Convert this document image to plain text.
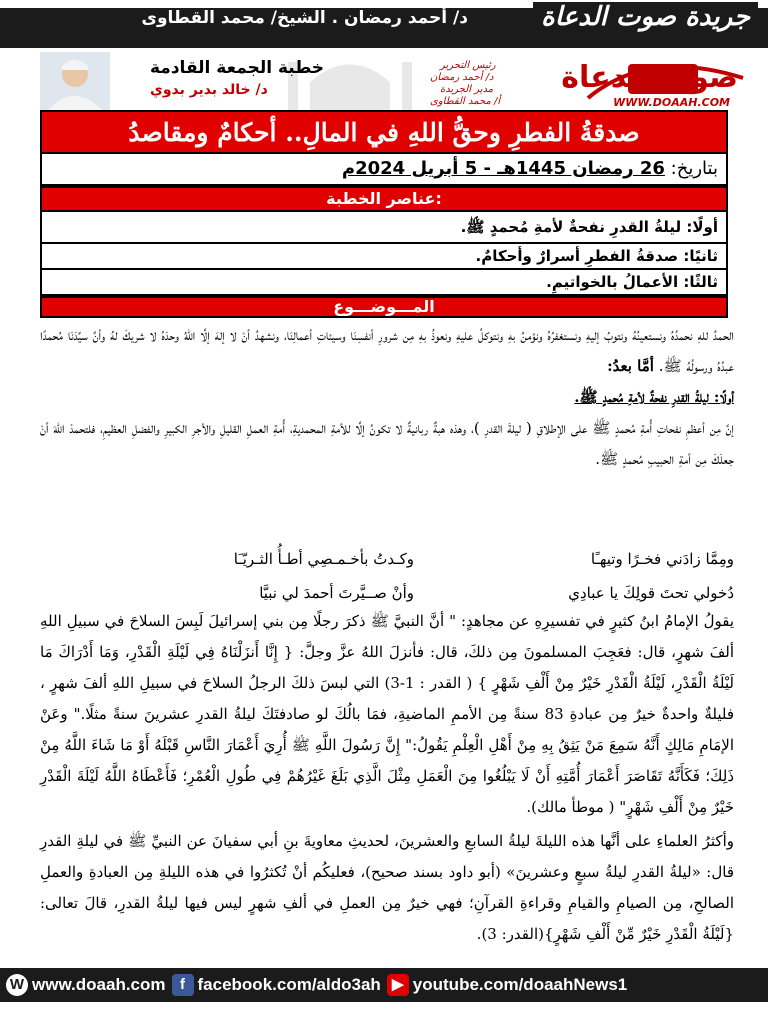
د/ أحمد رمضان . الشيخ/ محمد القطاوى	جريدة صوت الدعاة
صوت الدعاة
WWW.DOAAH.COM
رئيس التحرير
د/ أحمد رمضان
مدير الجريدة
أ/ محمد القطاوى
خطبة الجمعة القادمة
د/ خالد بدير بدوي
صدقةُ الفطرِ وحقُّ اللهِ في المالِ.. أحكامٌ ومقاصدُ
بتاريخ: 26 رمضان 1445هـ - 5 أبريل 2024م
عناصر الخطبة:
أولًا: ليلةُ القدرِ نفحةٌ لأمةِ مُحمدٍ ﷺ.
ثانيًا: صدقةُ الفطرِ أسرارٌ وأحكامٌ.
ثالثًا: الأعمالُ بالخواتيمِ.
المـــوضـــوع

الحمدُ للهِ نحمدُهُ ونستعينُهُ ونتوبُ إليهِ ونستغفرُهُ ونؤمنُ بهِ ونتوكلُ عليهِ ونعوذُ بهِ مِن شرورِ أنفسِنَا وسيئاتِ أعمالِنَا، ونشهدُ أنْ لا إلهَ إلَّا اللهُ وحدَهُ لا شريكَ لهُ وأنَّ سيِّدَنَا مُحمدًا عبدُهُ ورسولُهُ ﷺ. أمَّا بعدُ:

أولًا: ليلةُ القدرِ نفحةٌ لأمةِ مُحمدٍ ﷺ.

إنَّ مِن أعظمِ نفحاتِ أُمةِ مُحمدٍ ﷺ على الإطلاقِ ( ليلةَ القدرِ )، وهذه هبةٌ ربانيةٌ لا تكونُ إلَّا للأمةِ المحمديةِ، أُمةِ العملِ القليلِ والأجرِ الكبيرِ والفضلِ العظيمِ، فلتحمدْ اللهَ أنْ جعلَكَ مِن أمةِ الحبيبِ مُحمدٍ ﷺ.

ومِمَّا زادَني فخـرًا وتيهـًا
وكـدتُ بأخـمـصِي أطـأُ الثـريّـَا
دُخولي تحتَ قولِكَ يا عبادِي
وأنْ صــيَّرتَ أحمدَ لي نبيَّا
يقولُ الإمامُ ابنُ كثيرٍ في تفسيرِهِ عن مجاهدٍ: " أنَّ النبيَّ ﷺ ذكرَ رجلًا مِن بني إسرائيلَ لَبِسَ السلاحَ في سبيلِ اللهِ ألفَ شهرٍ، قال: فعَجِبَ المسلمونَ مِن ذلكَ، قال: فأنزلَ اللهُ عزَّ وجلَّ: { إِنَّا أَنزَلْنَاهُ فِي لَيْلَةِ الْقَدْرِ، وَمَا أَدْرَاكَ مَا لَيْلَةُ الْقَدْرِ، لَيْلَةُ الْقَدْرِ خَيْرٌ مِنْ أَلْفِ شَهْرٍ } ( القدر : 1-3) التي لبسَ ذلكَ الرجلُ السلاحَ في سبيلِ اللهِ ألفَ شهرٍ ، فليلةٌ واحدةٌ خيرٌ مِن عبادةِ 83 سنةً مِن الأممِ الماضيةِ، فمَا بالُكَ لو صادفتَكَ ليلةُ القدرِ عشرينَ سنةً مثلًا." وعَنْ الإمَامِ مَالِكٍ أَنَّهُ سَمِعَ مَنْ يَثِقُ بِهِ مِنْ أَهْلِ الْعِلْمِ يَقُولُ:" إِنَّ رَسُولَ اللَّهِ ﷺ أُرِيَ أَعْمَارَ النَّاسِ قَبْلَهُ أَوْ مَا شَاءَ اللَّهُ مِنْ ذَلِكَ؛ فَكَأَنَّهُ تَقَاصَرَ أَعْمَارَ أُمَّتِهِ أَنْ لَا يَبْلُغُوا مِنَ الْعَمَلِ مِثْلَ الَّذِي بَلَغَ غَيْرُهُمْ فِي طُولِ الْعُمْرِ؛ فَأَعْطَاهُ اللَّهُ لَيْلَةَ الْقَدْرِ خَيْرٌ مِنْ أَلْفِ شَهْرٍ" ( موطأ مالك).
وأكثرُ العلماءِ على أنَّها هذه الليلةَ ليلةُ السابعِ والعشرينَ، لحديثِ معاويةَ بنِ أبي سفيانَ عن النبيِّ ﷺ في ليلةِ القدرِ قال: «ليلةُ القدرِ ليلةُ سبعٍ وعشرينَ» (أبو داود بسند صحيح)، فعليكُم أنْ تُكثرُوا في هذه الليلةِ مِن العبادةِ والعملِ الصالحِ، مِن الصيامِ والقيامِ وقراءةِ القرآنِ؛ فهي خيرٌ مِن العملِ في ألفِ شهرٍ ليس فيها ليلةُ القدرِ، قالَ تعالى: {لَيْلَةُ الْقَدْرِ خَيْرٌ مِّنْ أَلْفِ شَهْرٍ}(القدر: 3).
W www.doaah.com f facebook.com/aldo3ah ▶ youtube.com/doaahNews1
